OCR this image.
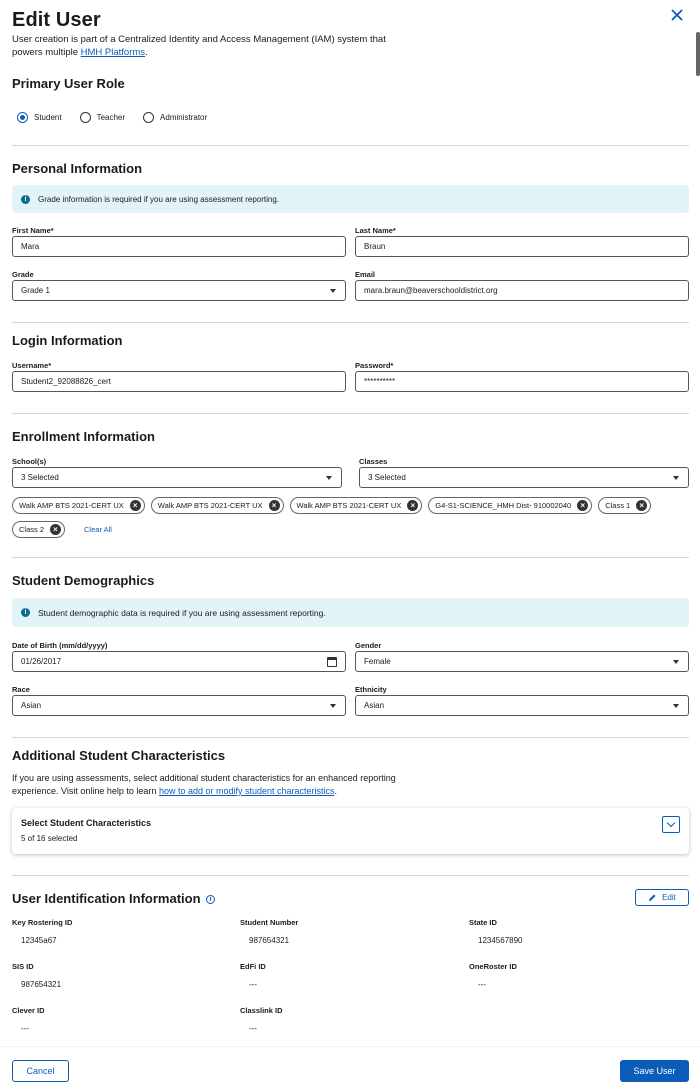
Edit User

User creation is part of a Centralized Identity and Access Management (IAM) system that powers multiple HMH Platforms.

Primary User Role
Student	Teacher	Administrator
Personal Information
i	Grade information is required if you are using assessment reporting.
First Name*
Mara
Last Name*
Braun
Grade
Grade 1
Email
mara.braun@beaverschooldistrict.org
Login Information
Username*
Student2_92088826_cert
Password*
**********
Enrollment Information
School(s)
3 Selected
Classes
3 Selected
Walk AMP BTS 2021-CERT UX	×	Walk AMP BTS 2021-CERT UX	×	Walk AMP BTS 2021-CERT UX	×	G4-S1-SCIENCE_HMH Dist- 910002040	×	Class 1	×
Class 2	×	Clear All
Student Demographics
i	Student demographic data is required if you are using assessment reporting.
Date of Birth (mm/dd/yyyy)
01/26/2017
Gender
Female
Race
Asian
Ethnicity
Asian
Additional Student Characteristics

If you are using assessments, select additional student characteristics for an enhanced reporting experience. Visit online help to learn how to add or modify student characteristics.

Select Student Characteristics
5 of 16 selected
User Identification Information i	Edit
Key Rostering ID
12345a67
Student Number
987654321
State ID
1234567890
SIS ID
987654321
EdFi ID
---
OneRoster ID
---
Clever ID
---
Classlink ID
---
Cancel	Save User
